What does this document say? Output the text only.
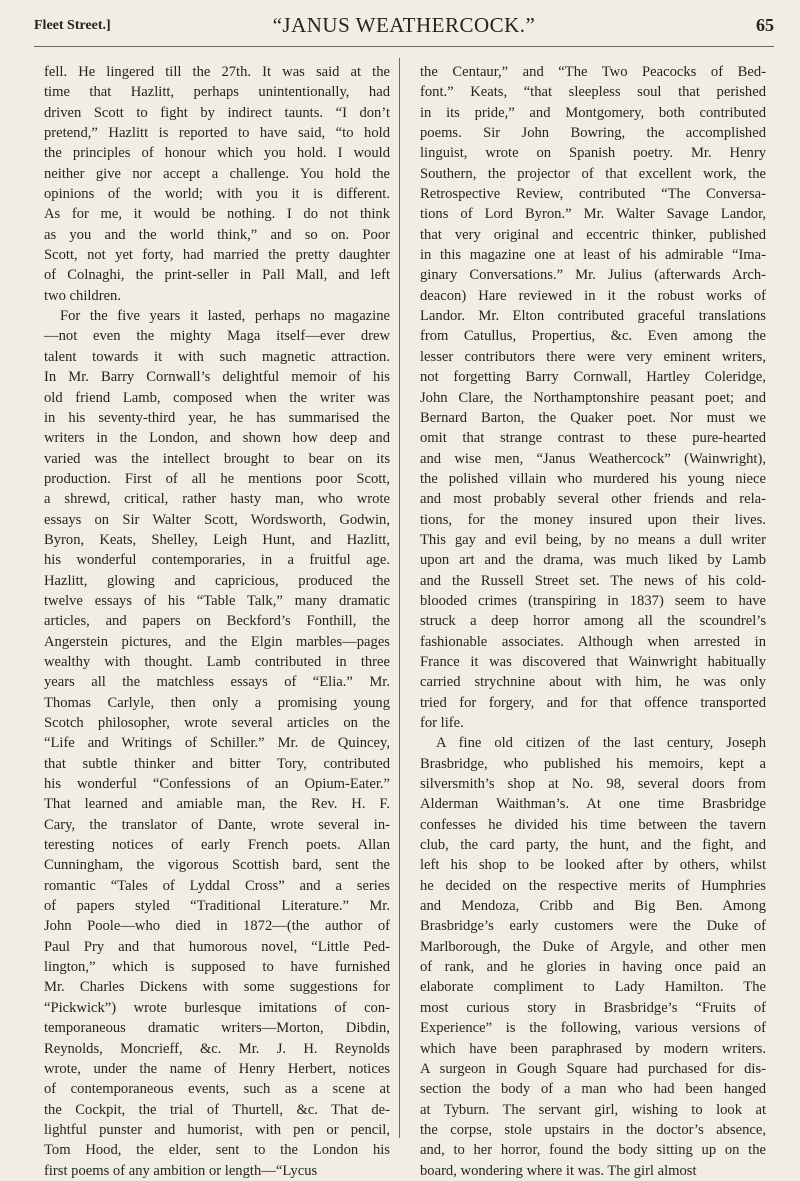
Fleet Street.]	“JANUS WEATHERCOCK.”	65

fell. He lingered till the 27th. It was said at the
time that Hazlitt, perhaps unintentionally, had
driven Scott to fight by indirect taunts. “I don’t
pretend,” Hazlitt is reported to have said, “to hold
the principles of honour which you hold. I would
neither give nor accept a challenge. You hold the
opinions of the world; with you it is different.
As for me, it would be nothing. I do not think
as you and the world think,” and so on. Poor
Scott, not yet forty, had married the pretty daughter
of Colnaghi, the print-seller in Pall Mall, and left
two children.

For the five years it lasted, perhaps no magazine
—not even the mighty Maga itself—ever drew
talent towards it with such magnetic attraction.
In Mr. Barry Cornwall’s delightful memoir of his
old friend Lamb, composed when the writer was
in his seventy-third year, he has summarised the
writers in the London, and shown how deep and
varied was the intellect brought to bear on its
production. First of all he mentions poor Scott,
a shrewd, critical, rather hasty man, who wrote
essays on Sir Walter Scott, Wordsworth, Godwin,
Byron, Keats, Shelley, Leigh Hunt, and Hazlitt,
his wonderful contemporaries, in a fruitful age.
Hazlitt, glowing and capricious, produced the
twelve essays of his “Table Talk,” many dramatic
articles, and papers on Beckford’s Fonthill, the
Angerstein pictures, and the Elgin marbles—pages
wealthy with thought. Lamb contributed in three
years all the matchless essays of “Elia.” Mr.
Thomas Carlyle, then only a promising young
Scotch philosopher, wrote several articles on the
“Life and Writings of Schiller.” Mr. de Quincey,
that subtle thinker and bitter Tory, contributed
his wonderful “Confessions of an Opium-Eater.”
That learned and amiable man, the Rev. H. F.
Cary, the translator of Dante, wrote several in-
teresting notices of early French poets. Allan
Cunningham, the vigorous Scottish bard, sent the
romantic “Tales of Lyddal Cross” and a series
of papers styled “Traditional Literature.” Mr.
John Poole—who died in 1872—(the author of
Paul Pry and that humorous novel, “Little Ped-
lington,” which is supposed to have furnished
Mr. Charles Dickens with some suggestions for
“Pickwick”) wrote burlesque imitations of con-
temporaneous dramatic writers—Morton, Dibdin,
Reynolds, Moncrieff, &c. Mr. J. H. Reynolds
wrote, under the name of Henry Herbert, notices
of contemporaneous events, such as a scene at
the Cockpit, the trial of Thurtell, &c. That de-
lightful punster and humorist, with pen or pencil,
Tom Hood, the elder, sent to the London his
first poems of any ambition or length—“Lycus

the Centaur,” and “The Two Peacocks of Bed-
font.” Keats, “that sleepless soul that perished
in its pride,” and Montgomery, both contributed
poems. Sir John Bowring, the accomplished
linguist, wrote on Spanish poetry. Mr. Henry
Southern, the projector of that excellent work, the
Retrospective Review, contributed “The Conversa-
tions of Lord Byron.” Mr. Walter Savage Landor,
that very original and eccentric thinker, published
in this magazine one at least of his admirable “Ima-
ginary Conversations.” Mr. Julius (afterwards Arch-
deacon) Hare reviewed in it the robust works of
Landor. Mr. Elton contributed graceful translations
from Catullus, Propertius, &c. Even among the
lesser contributors there were very eminent writers,
not forgetting Barry Cornwall, Hartley Coleridge,
John Clare, the Northamptonshire peasant poet; and
Bernard Barton, the Quaker poet. Nor must we
omit that strange contrast to these pure-hearted
and wise men, “Janus Weathercock” (Wainwright),
the polished villain who murdered his young niece
and most probably several other friends and rela-
tions, for the money insured upon their lives.
This gay and evil being, by no means a dull writer
upon art and the drama, was much liked by Lamb
and the Russell Street set. The news of his cold-
blooded crimes (transpiring in 1837) seem to have
struck a deep horror among all the scoundrel’s
fashionable associates. Although when arrested in
France it was discovered that Wainwright habitually
carried strychnine about with him, he was only
tried for forgery, and for that offence transported
for life.

A fine old citizen of the last century, Joseph
Brasbridge, who published his memoirs, kept a
silversmith’s shop at No. 98, several doors from
Alderman Waithman’s. At one time Brasbridge
confesses he divided his time between the tavern
club, the card party, the hunt, and the fight, and
left his shop to be looked after by others, whilst
he decided on the respective merits of Humphries
and Mendoza, Cribb and Big Ben. Among
Brasbridge’s early customers were the Duke of
Marlborough, the Duke of Argyle, and other men
of rank, and he glories in having once paid an
elaborate compliment to Lady Hamilton. The
most curious story in Brasbridge’s “Fruits of
Experience” is the following, various versions of
which have been paraphrased by modern writers.
A surgeon in Gough Square had purchased for dis-
section the body of a man who had been hanged
at Tyburn. The servant girl, wishing to look at
the corpse, stole upstairs in the doctor’s absence,
and, to her horror, found the body sitting up on the
board, wondering where it was. The girl almost
